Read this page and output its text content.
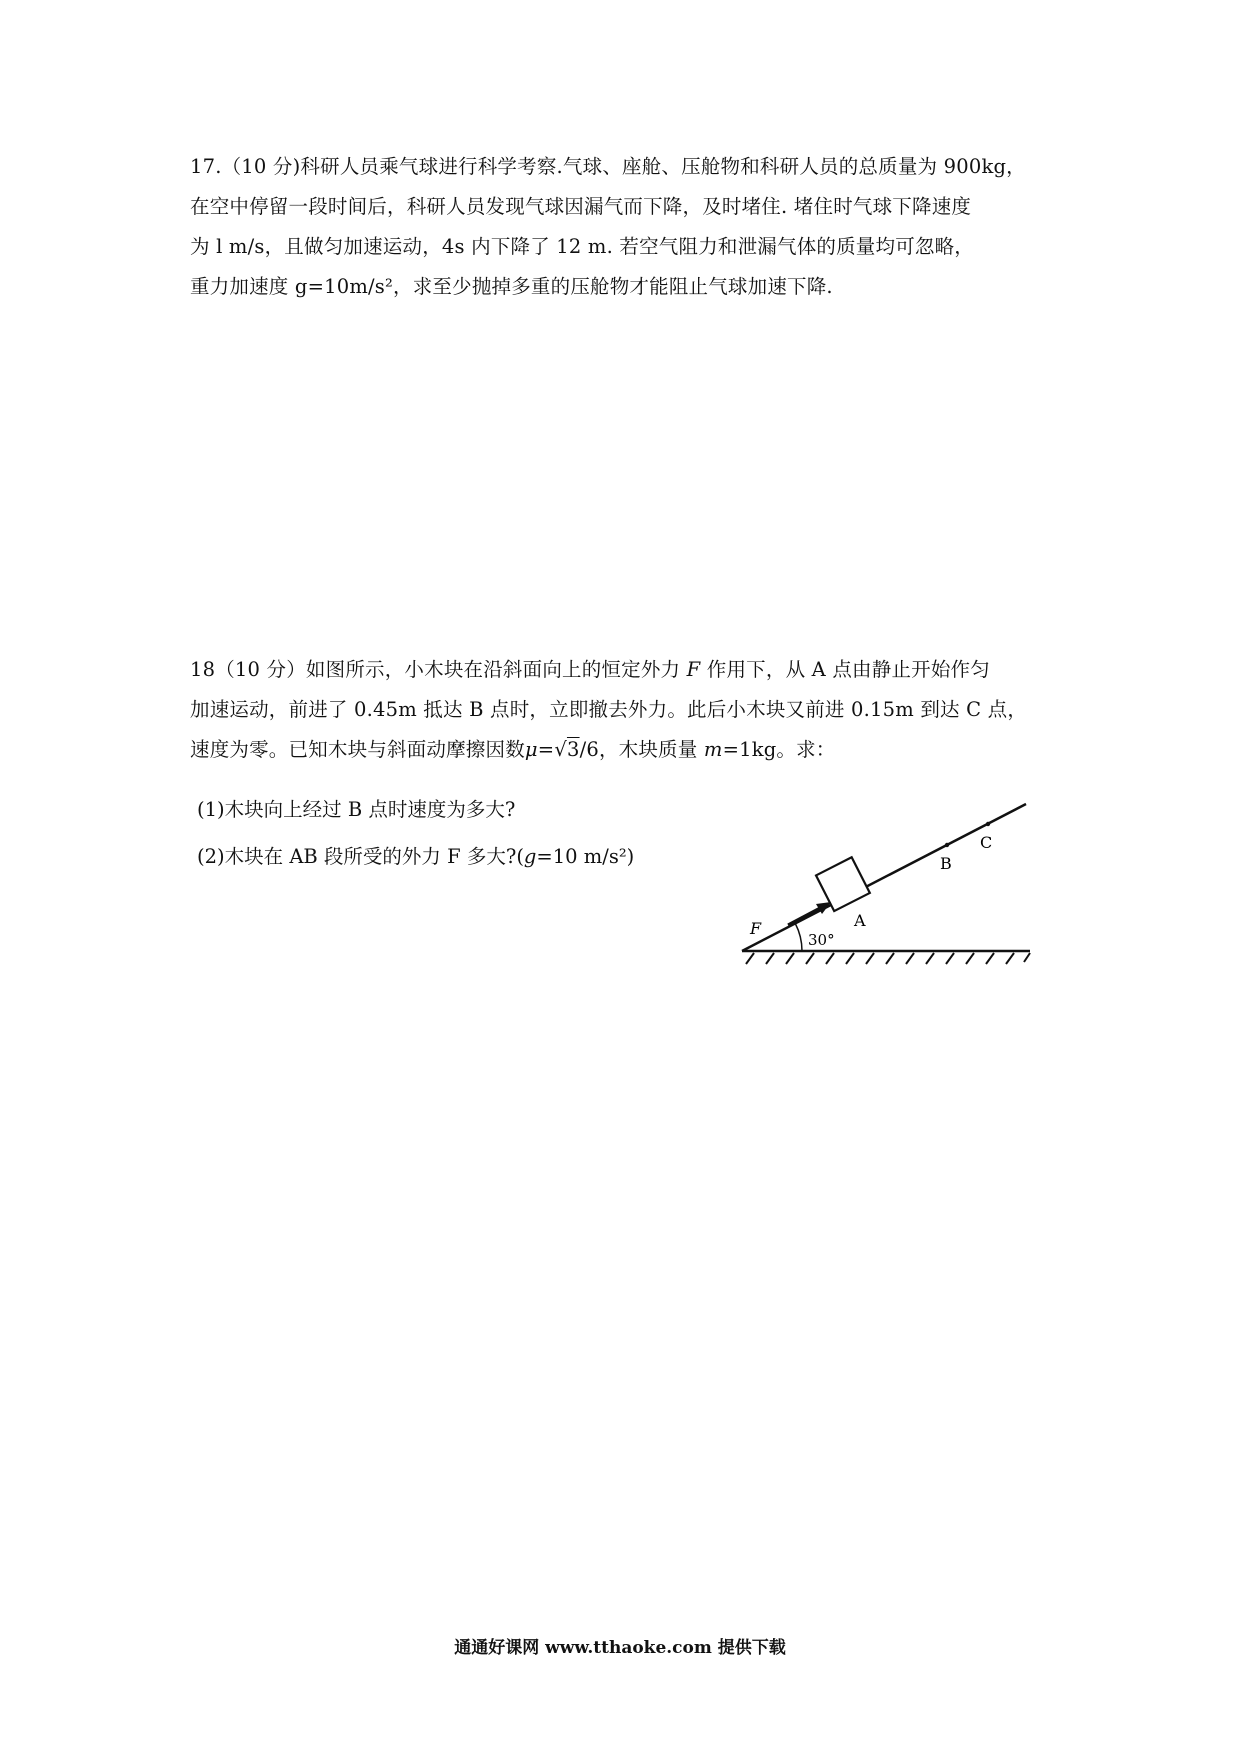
17.（10 分)科研人员乘气球进行科学考察.气球、座舱、压舱物和科研人员的总质量为 900kg，
在空中停留一段时间后，科研人员发现气球因漏气而下降，及时堵住. 堵住时气球下降速度
为 l m/s，且做匀加速运动，4s 内下降了 12 m. 若空气阻力和泄漏气体的质量均可忽略，
重力加速度 g=10m/s²，求至少抛掉多重的压舱物才能阻止气球加速下降.
18（10 分）如图所示，小木块在沿斜面向上的恒定外力 F 作用下，从 A 点由静止开始作匀
加速运动，前进了 0.45m 抵达 B 点时，立即撤去外力。此后小木块又前进 0.15m 到达 C 点，
速度为零。已知木块与斜面动摩擦因数μ=√3/6，木块质量 m=1kg。求：
(1)木块向上经过 B 点时速度为多大?
(2)木块在 AB 段所受的外力 F 多大?(g=10 m/s²)
30°
F	A
B
C
通通好课网 www.tthaoke.com 提供下载
